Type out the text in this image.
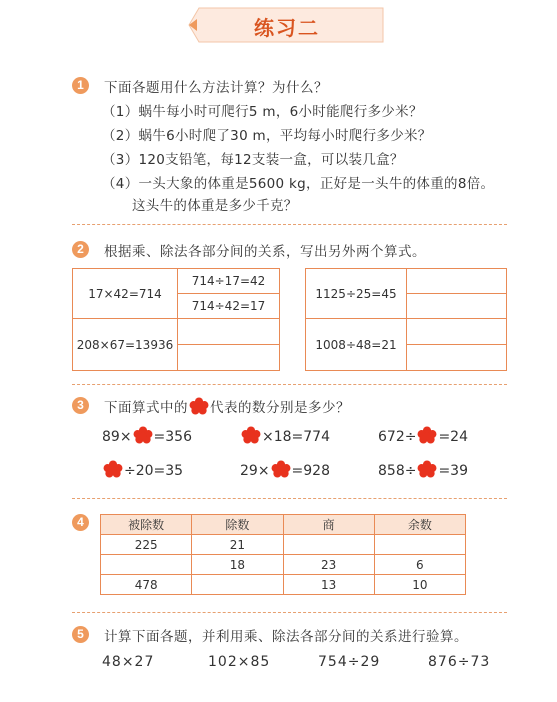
练习二
1	下面各题用什么方法计算？为什么？
（1）蜗牛每小时可爬行5 m，6小时能爬行多少米？
（2）蜗牛6小时爬了30 m，平均每小时爬行多少米？
（3）120支铅笔，每12支装一盒，可以装几盒？
（4）一头大象的体重是5600 kg，正好是一头牛的体重的8倍。
这头牛的体重是多少千克？
2	根据乘、除法各部分间的关系，写出另外两个算式。
17×42=714	714÷17=42
	714÷42=17
208×67=13936	

1125÷25=45	

1008÷48=21	

3	下面算式中的 代表的数分别是多少？
89× =356	×18=774	672÷ =24
÷20=35	29× =928	858÷ =39
4	被除数	除数	商	余数
225	21		
	18	23	6
478		13	10
5	计算下面各题，并利用乘、除法各部分间的关系进行验算。
48×27	102×85	754÷29	876÷73
